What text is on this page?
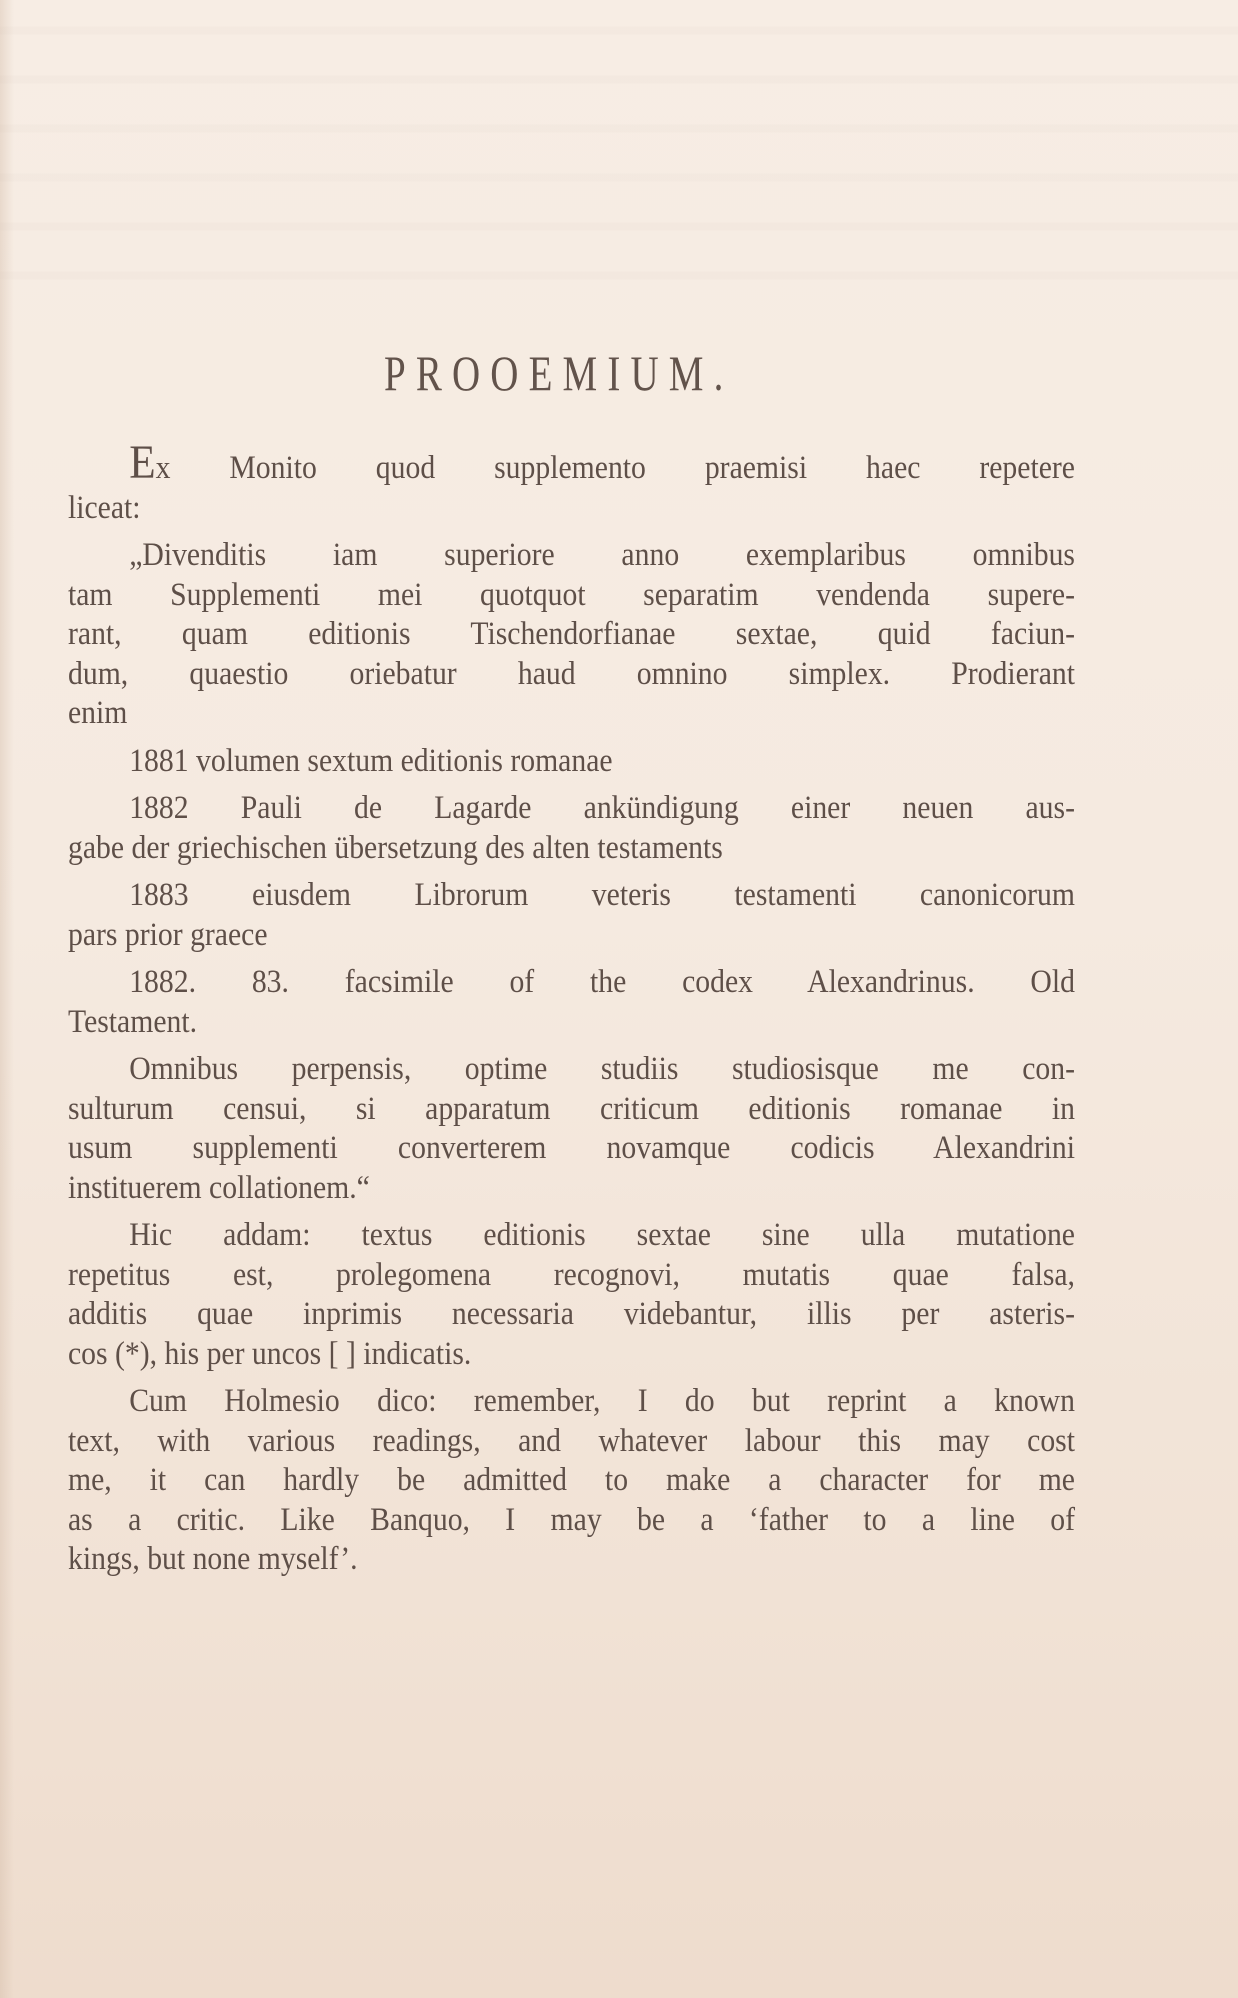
PROOEMIUM.
Ex Monito quod supplemento praemisi haec repetere
liceat:
„Divenditis iam superiore anno exemplaribus omnibus
tam Supplementi mei quotquot separatim vendenda supere-
rant, quam editionis Tischendorfianae sextae, quid faciun-
dum, quaestio oriebatur haud omnino simplex. Prodierant
enim
1881 volumen sextum editionis romanae
1882 Pauli de Lagarde ankündigung einer neuen aus-
gabe der griechischen übersetzung des alten testaments
1883 eiusdem Librorum veteris testamenti canonicorum
pars prior graece
1882. 83. facsimile of the codex Alexandrinus. Old
Testament.
Omnibus perpensis, optime studiis studiosisque me con-
sulturum censui, si apparatum criticum editionis romanae in
usum supplementi converterem novamque codicis Alexandrini
instituerem collationem.“
Hic addam: textus editionis sextae sine ulla mutatione
repetitus est, prolegomena recognovi, mutatis quae falsa,
additis quae inprimis necessaria videbantur, illis per asteris-
cos (*), his per uncos [ ] indicatis.
Cum Holmesio dico: remember, I do but reprint a known
text, with various readings, and whatever labour this may cost
me, it can hardly be admitted to make a character for me
as a critic. Like Banquo, I may be a ‘father to a line of
kings, but none myself’.
